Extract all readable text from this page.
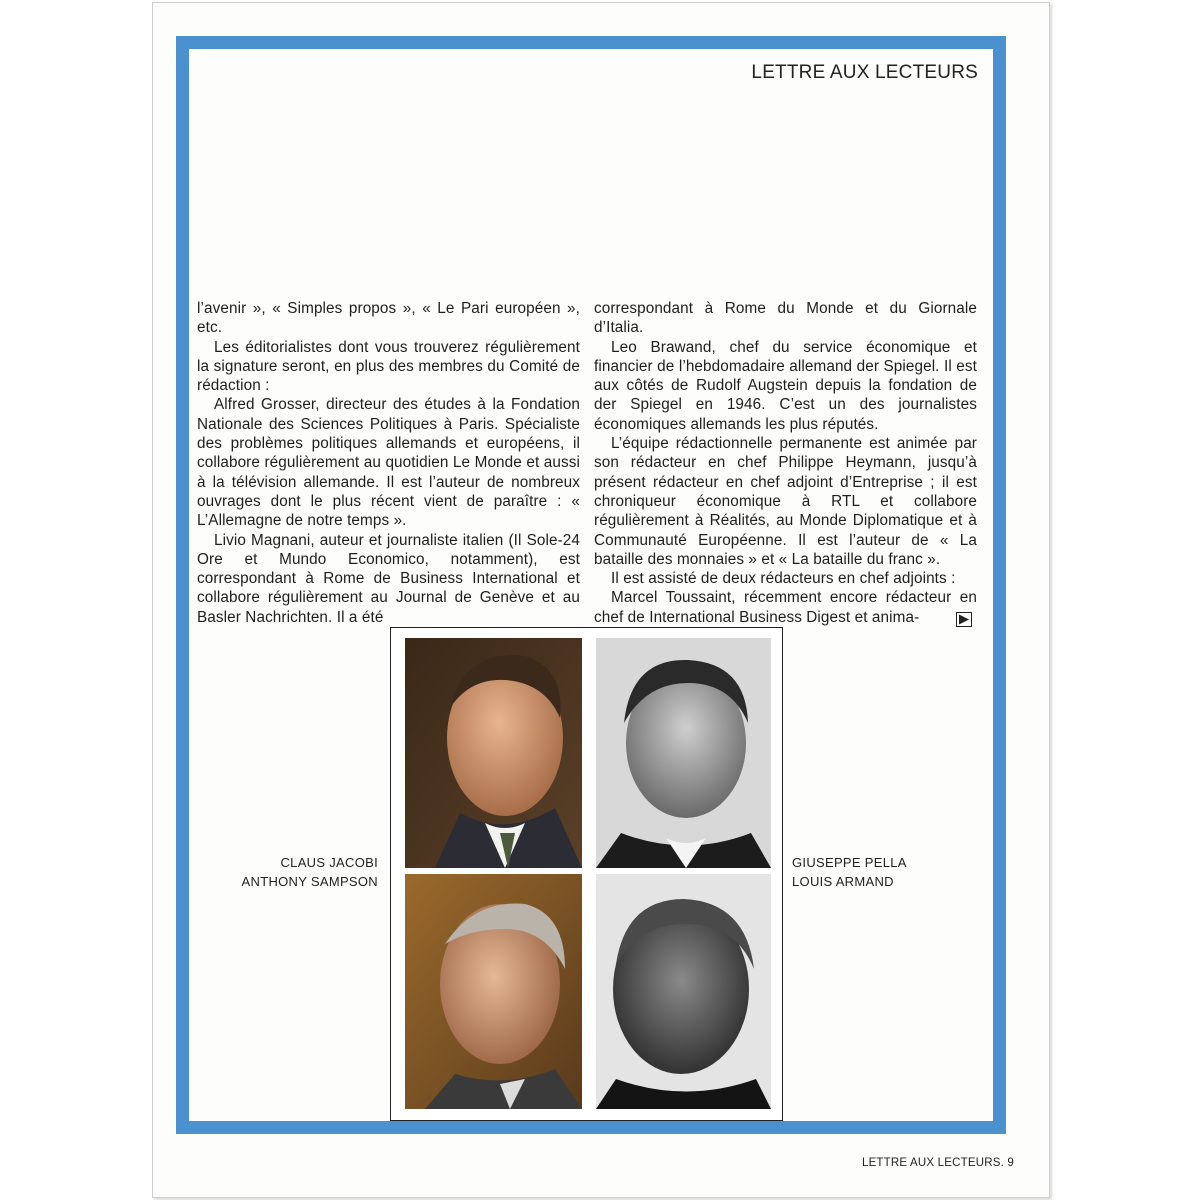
LETTRE AUX LECTEURS

l’avenir », « Simples propos », « Le Pari européen », etc.

Les éditorialistes dont vous trouverez régulièrement la signature seront, en plus des membres du Comité de rédaction :

Alfred Grosser, directeur des études à la Fondation Nationale des Sciences Politiques à Paris. Spécialiste des problèmes politiques allemands et européens, il collabore régulièrement au quotidien Le Monde et aussi à la télévision allemande. Il est l’auteur de nombreux ouvrages dont le plus récent vient de paraître : « L’Allemagne de notre temps ».

Livio Magnani, auteur et journaliste italien (Il Sole-24 Ore et Mundo Economico, notamment), est correspondant à Rome de Business International et collabore régulièrement au Journal de Genève et au Basler Nachrichten. Il a été

correspondant à Rome du Monde et du Giornale d’Italia.

Leo Brawand, chef du service économique et financier de l’hebdomadaire allemand der Spiegel. Il est aux côtés de Rudolf Augstein depuis la fondation de der Spiegel en 1946. C’est un des journalistes économiques allemands les plus réputés.

L’équipe rédactionnelle permanente est animée par son rédacteur en chef Philippe Heymann, jusqu’à présent rédacteur en chef adjoint d’Entreprise ; il est chroniqueur économique à RTL et collabore régulièrement à Réalités, au Monde Diplomatique et à Communauté Européenne. Il est l’auteur de « La bataille des monnaies » et « La bataille du franc ».

Il est assisté de deux rédacteurs en chef adjoints :

Marcel Toussaint, récemment encore rédacteur en chef de International Business Digest et anima-

CLAUS JACOBI
ANTHONY SAMPSON
GIUSEPPE PELLA
LOUIS ARMAND
LETTRE AUX LECTEURS. 9
